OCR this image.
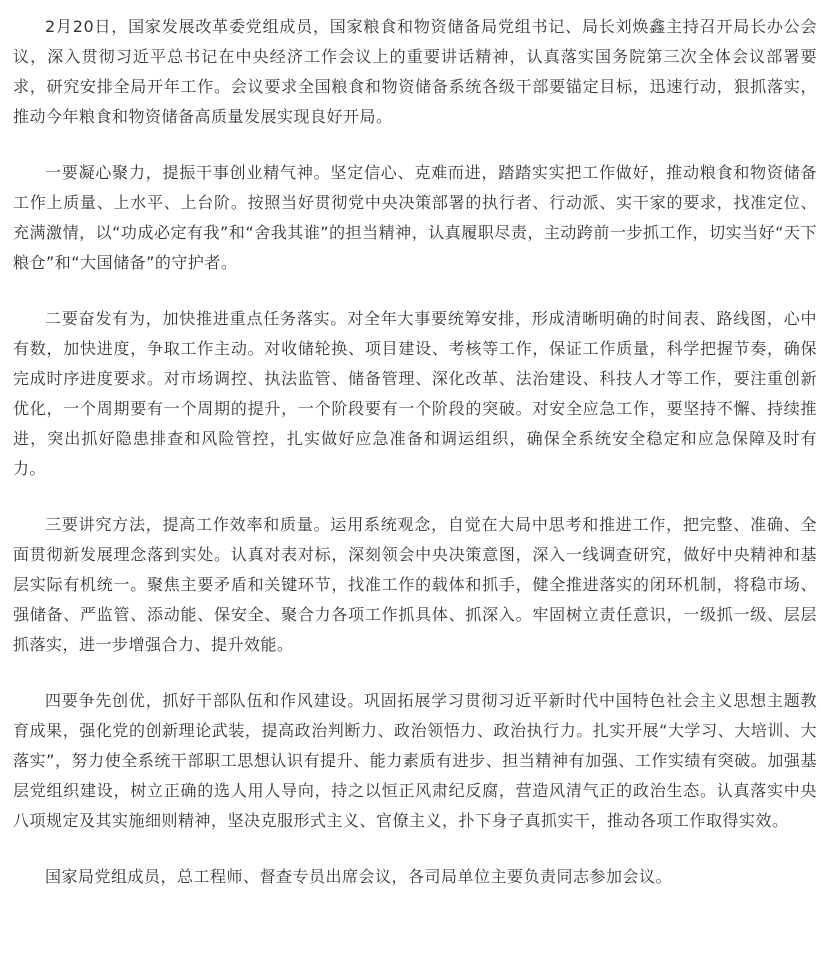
2月20日，国家发展改革委党组成员，国家粮食和物资储备局党组书记、局长刘焕鑫主持召开局长办公会议，深入贯彻习近平总书记在中央经济工作会议上的重要讲话精神，认真落实国务院第三次全体会议部署要求，研究安排全局开年工作。会议要求全国粮食和物资储备系统各级干部要锚定目标，迅速行动，狠抓落实，推动今年粮食和物资储备高质量发展实现良好开局。

一要凝心聚力，提振干事创业精气神。坚定信心、克难而进，踏踏实实把工作做好，推动粮食和物资储备工作上质量、上水平、上台阶。按照当好贯彻党中央决策部署的执行者、行动派、实干家的要求，找准定位、充满激情，以“功成必定有我”和“舍我其谁”的担当精神，认真履职尽责，主动跨前一步抓工作，切实当好“天下粮仓”和“大国储备”的守护者。

二要奋发有为，加快推进重点任务落实。对全年大事要统筹安排，形成清晰明确的时间表、路线图，心中有数，加快进度，争取工作主动。对收储轮换、项目建设、考核等工作，保证工作质量，科学把握节奏，确保完成时序进度要求。对市场调控、执法监管、储备管理、深化改革、法治建设、科技人才等工作，要注重创新优化，一个周期要有一个周期的提升，一个阶段要有一个阶段的突破。对安全应急工作，要坚持不懈、持续推进，突出抓好隐患排查和风险管控，扎实做好应急准备和调运组织，确保全系统安全稳定和应急保障及时有力。

三要讲究方法，提高工作效率和质量。运用系统观念，自觉在大局中思考和推进工作，把完整、准确、全面贯彻新发展理念落到实处。认真对表对标，深刻领会中央决策意图，深入一线调查研究，做好中央精神和基层实际有机统一。聚焦主要矛盾和关键环节，找准工作的载体和抓手，健全推进落实的闭环机制，将稳市场、强储备、严监管、添动能、保安全、聚合力各项工作抓具体、抓深入。牢固树立责任意识，一级抓一级、层层抓落实，进一步增强合力、提升效能。

四要争先创优，抓好干部队伍和作风建设。巩固拓展学习贯彻习近平新时代中国特色社会主义思想主题教育成果，强化党的创新理论武装，提高政治判断力、政治领悟力、政治执行力。扎实开展“大学习、大培训、大落实”，努力使全系统干部职工思想认识有提升、能力素质有进步、担当精神有加强、工作实绩有突破。加强基层党组织建设，树立正确的选人用人导向，持之以恒正风肃纪反腐，营造风清气正的政治生态。认真落实中央八项规定及其实施细则精神，坚决克服形式主义、官僚主义，扑下身子真抓实干，推动各项工作取得实效。

国家局党组成员，总工程师、督查专员出席会议，各司局单位主要负责同志参加会议。
